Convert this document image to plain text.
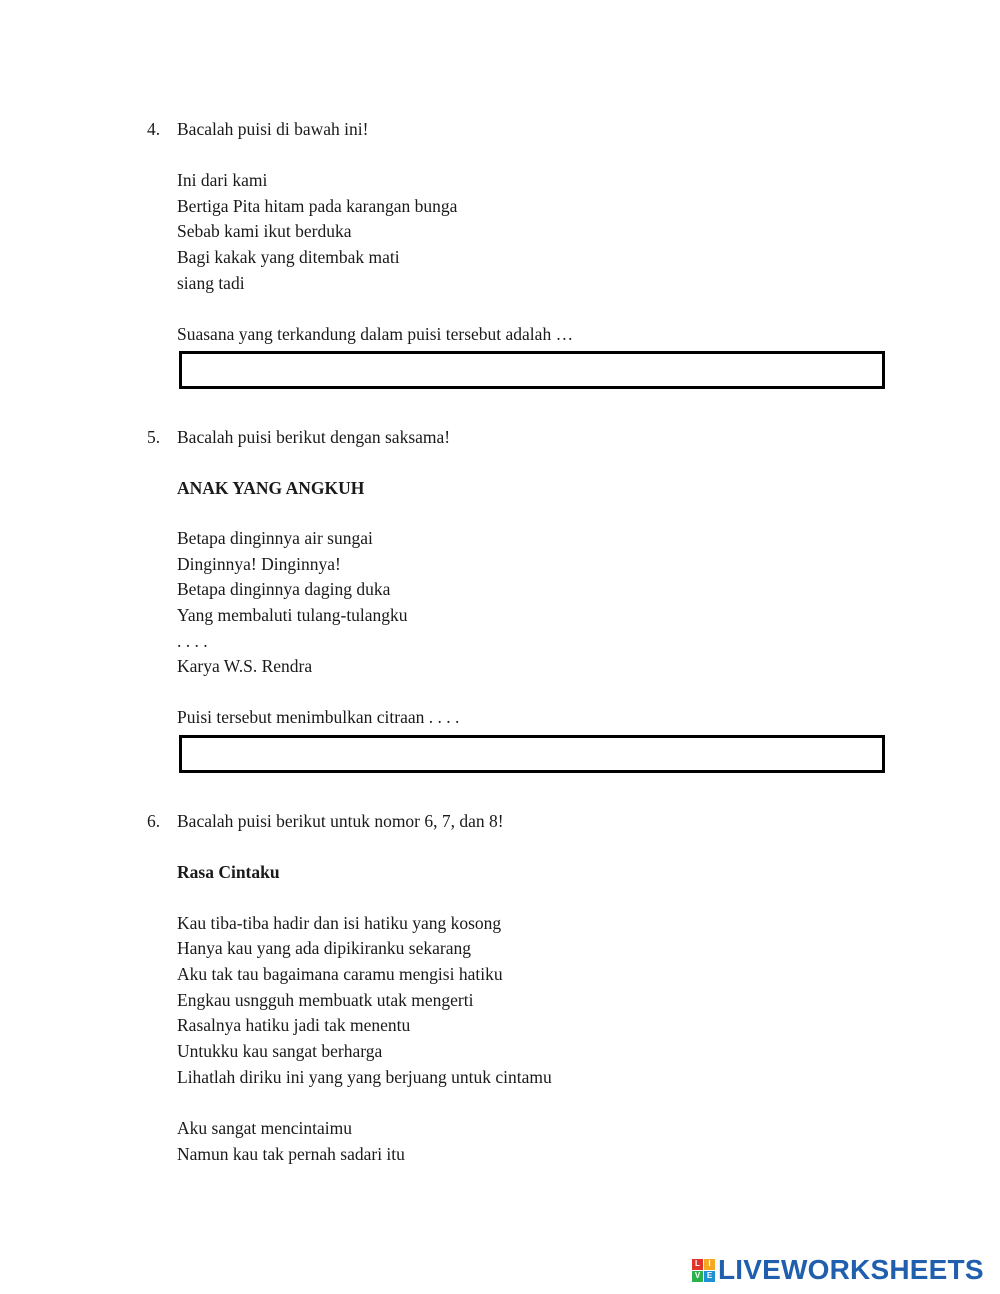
4. Bacalah puisi di bawah ini!
Ini dari kami
Bertiga Pita hitam pada karangan bunga
Sebab kami ikut berduka
Bagi kakak yang ditembak mati
siang tadi
Suasana yang terkandung dalam puisi tersebut adalah …
5. Bacalah puisi berikut dengan saksama!
ANAK YANG ANGKUH
Betapa dinginnya air sungai
Dinginnya! Dinginnya!
Betapa dinginnya daging duka
Yang membaluti tulang-tulangku
. . . .
Karya W.S. Rendra
Puisi tersebut menimbulkan citraan . . . .
6. Bacalah puisi berikut untuk nomor 6, 7, dan 8!
Rasa Cintaku
Kau tiba-tiba hadir dan isi hatiku yang kosong
Hanya kau yang ada dipikiranku sekarang
Aku tak tau bagaimana caramu mengisi hatiku
Engkau usngguh membuatk utak mengerti
Rasalnya hatiku jadi tak menentu
Untukku kau sangat berharga
Lihatlah diriku ini yang yang berjuang untuk cintamu
Aku sangat mencintaimu
Namun kau tak pernah sadari itu
L	I
V E LIVEWORKSHEETS
